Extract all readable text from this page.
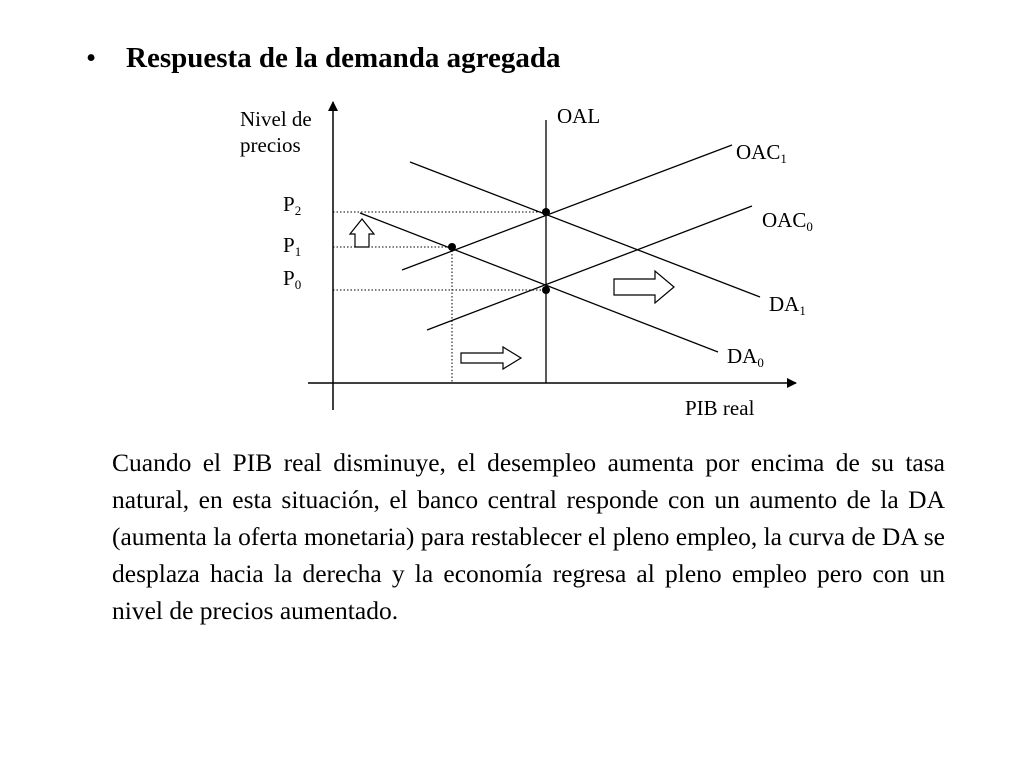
• Respuesta de la demanda agregada
Nivel de
precios
PIB real
OAL
$OAC_1$
$OAC_0$
$DA_1$
$DA_0$
$P_2$
$P_1$
$P_0$
Cuando el PIB real disminuye, el desempleo aumenta por encima de su tasa natural, en esta situación, el banco central responde con un aumento de la DA (aumenta la oferta monetaria) para restablecer el pleno empleo, la curva de DA se desplaza hacia la derecha y la economía regresa al pleno empleo pero con un nivel de precios aumentado.
